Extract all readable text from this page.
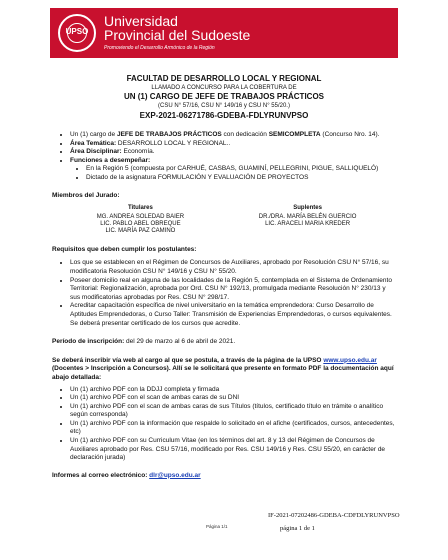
UPSO
Universidad
Provincial del Sudoeste
Promoviendo el Desarrollo Armónico de la Región
FACULTAD DE DESARROLLO LOCAL Y REGIONAL
LLAMADO A CONCURSO PARA LA COBERTURA DE
UN (1) CARGO DE JEFE DE TRABAJOS PRÁCTICOS
(CSU N° 57/16, CSU N° 149/16 y CSU N° 55/20.)
EXP-2021-06271786-GDEBA-FDLYRUNVPSO
• Un (1) cargo de JEFE DE TRABAJOS PRÁCTICOS con dedicación SEMICOMPLETA (Concurso Nro. 14).
• Área Temática: DESARROLLO LOCAL Y REGIONAL..
• Área Disciplinar: Economía.
• Funciones a desempeñar:
• En la Región 5 (compuesta por CARHUÉ, CASBAS, GUAMINÍ, PELLEGRINI, PIGUE, SALLIQUELÓ)
• Dictado de la asignatura FORMULACIÓN Y EVALUACIÓN DE PROYECTOS
Miembros del Jurado:
Titulares
MG. ANDREA SOLEDAD BAIER
LIC. PABLO ABEL OBREQUE
LIC. MARÍA PAZ CAMINO
Suplentes
DR./DRA. MARÍA BELÉN GUERCIO
LIC. ARACELI MARIA KREDER
Requisitos que deben cumplir los postulantes:
• Los que se establecen en el Régimen de Concursos de Auxiliares, aprobado por Resolución CSU N° 57/16, su modificatoria Resolución CSU N° 149/16 y CSU N° 55/20.
• Poseer domicilio real en alguna de las localidades de la Región 5, contemplada en el Sistema de Ordenamiento Territorial: Regionalización, aprobada por Ord. CSU N° 192/13, promulgada mediante Resolución N° 230/13 y sus modificatorias aprobadas por Res. CSU N° 298/17.
• Acreditar capacitación específica de nivel universitario en la temática emprendedora: Curso Desarrollo de Aptitudes Emprendedoras, o Curso Taller: Transmisión de Experiencias Emprendedoras, o cursos equivalentes. Se deberá presentar certificado de los cursos que acredite.
Período de inscripción: del 29 de marzo al 6 de abril de 2021.
Se deberá inscribir vía web al cargo al que se postula, a través de la página de la UPSO www.upso.edu.ar (Docentes > Inscripción a Concursos). Allí se le solicitará que presente en formato PDF la documentación aquí abajo detallada:
• Un (1) archivo PDF con la DDJJ completa y firmada
• Un (1) archivo PDF con el scan de ambas caras de su DNI
• Un (1) archivo PDF con el scan de ambas caras de sus Títulos (títulos, certificado título en trámite o analítico según corresponda)
• Un (1) archivo PDF con la información que respalde lo solicitado en el afiche (certificados, cursos, antecedentes, etc)
• Un (1) archivo PDF con su Curriculum Vitae (en los términos del art. 8 y 13 del Régimen de Concursos de Auxiliares aprobado por Res. CSU 57/16, modificado por Res. CSU 149/16 y Res. CSU 55/20, en carácter de declaración jurada)
Informes al correo electrónico: dlr@upso.edu.ar
IF-2021-07202486-GDEBA-CDFDLYRUNVPSO
Página 1/1	página 1 de 1
